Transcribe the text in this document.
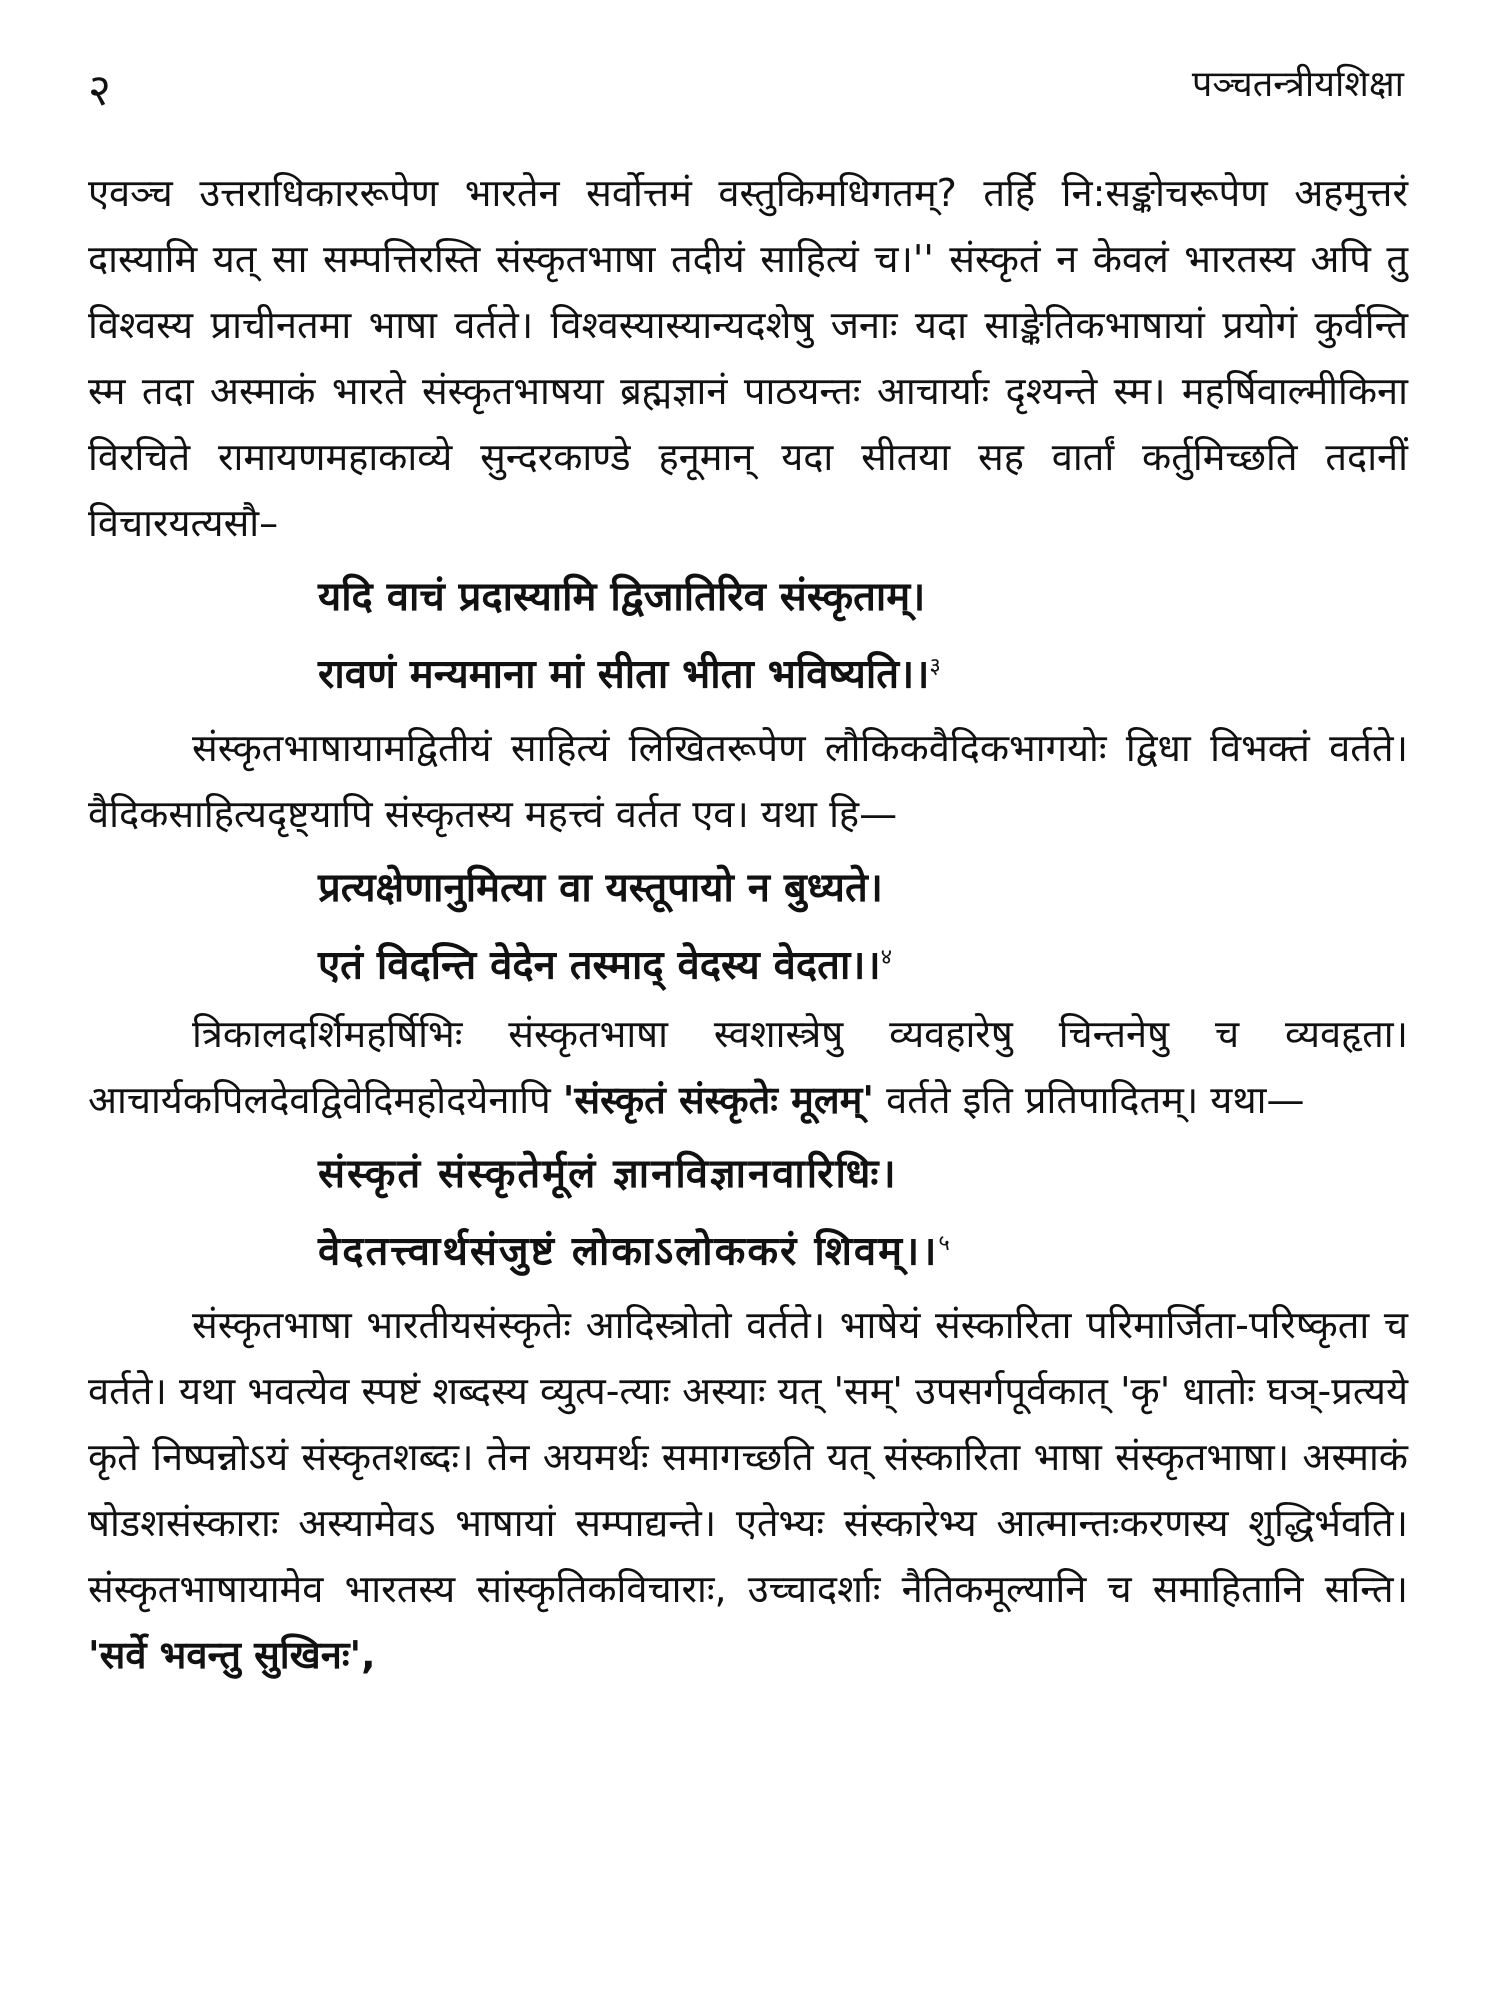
२	पञ्चतन्त्रीयशिक्षा

एवञ्च उत्तराधिकाररूपेण भारतेन सर्वोत्तमं वस्तुकिमधिगतम्? तर्हि नि:सङ्कोचरूपेण अहमुत्तरं दास्यामि यत् सा सम्पत्तिरस्ति संस्कृतभाषा तदीयं साहित्यं च।'' संस्कृतं न केवलं भारतस्य अपि तु विश्वस्य प्राचीनतमा भाषा वर्तते। विश्वस्यास्यान्यदशेषु जनाः यदा साङ्केतिकभाषायां प्रयोगं कुर्वन्ति स्म तदा अस्माकं भारते संस्कृतभाषया ब्रह्मज्ञानं पाठयन्तः आचार्याः दृश्यन्ते स्म। महर्षिवाल्मीकिना विरचिते रामायणमहाकाव्ये सुन्दरकाण्डे हनूमान् यदा सीतया सह वार्तां कर्तुमिच्छति तदानीं विचारयत्यसौ–

यदि वाचं प्रदास्यामि द्विजातिरिव संस्कृताम्।

रावणं मन्यमाना मां सीता भीता भविष्यति।।$^३$

संस्कृतभाषायामद्वितीयं साहित्यं लिखितरूपेण लौकिकवैदिकभागयोः द्विधा विभक्तं वर्तते। वैदिकसाहित्यदृष्ट्यापि संस्कृतस्य महत्त्वं वर्तत एव। यथा हि—

प्रत्यक्षेणानुमित्या वा यस्तूपायो न बुध्यते।

एतं विदन्ति वेदेन तस्माद् वेदस्य वेदता।।$^४$

त्रिकालदर्शिमहर्षिभिः संस्कृतभाषा स्वशास्त्रेषु व्यवहारेषु चिन्तनेषु च व्यवहृता। आचार्यकपिलदेवद्विवेदिमहोदयेनापि 'संस्कृतं संस्कृतेः मूलम्' वर्तते इति प्रतिपादितम्। यथा—

संस्कृतं संस्कृतेर्मूलं ज्ञानविज्ञानवारिधिः।

वेदतत्त्वार्थसंजुष्टं लोकाऽलोककरं शिवम्।।$^५$

संस्कृतभाषा भारतीयसंस्कृतेः आदिस्त्रोतो वर्तते। भाषेयं संस्कारिता परिमार्जिता-परिष्कृता च वर्तते। यथा भवत्येव स्पष्टं शब्दस्य व्युत्प-त्याः अस्याः यत् 'सम्' उपसर्गपूर्वकात् 'कृ' धातोः घञ्-प्रत्यये कृते निष्पन्नोऽयं संस्कृतशब्दः। तेन अयमर्थः समागच्छति यत् संस्कारिता भाषा संस्कृतभाषा। अस्माकं षोडशसंस्काराः अस्यामेवऽ भाषायां सम्पाद्यन्ते। एतेभ्यः संस्कारेभ्य आत्मान्तःकरणस्य शुद्धिर्भवति। संस्कृतभाषायामेव भारतस्य सांस्कृतिकविचाराः, उच्चादर्शाः नैतिकमूल्यानि च समाहितानि सन्ति। 'सर्वे भवन्तु सुखिनः',
